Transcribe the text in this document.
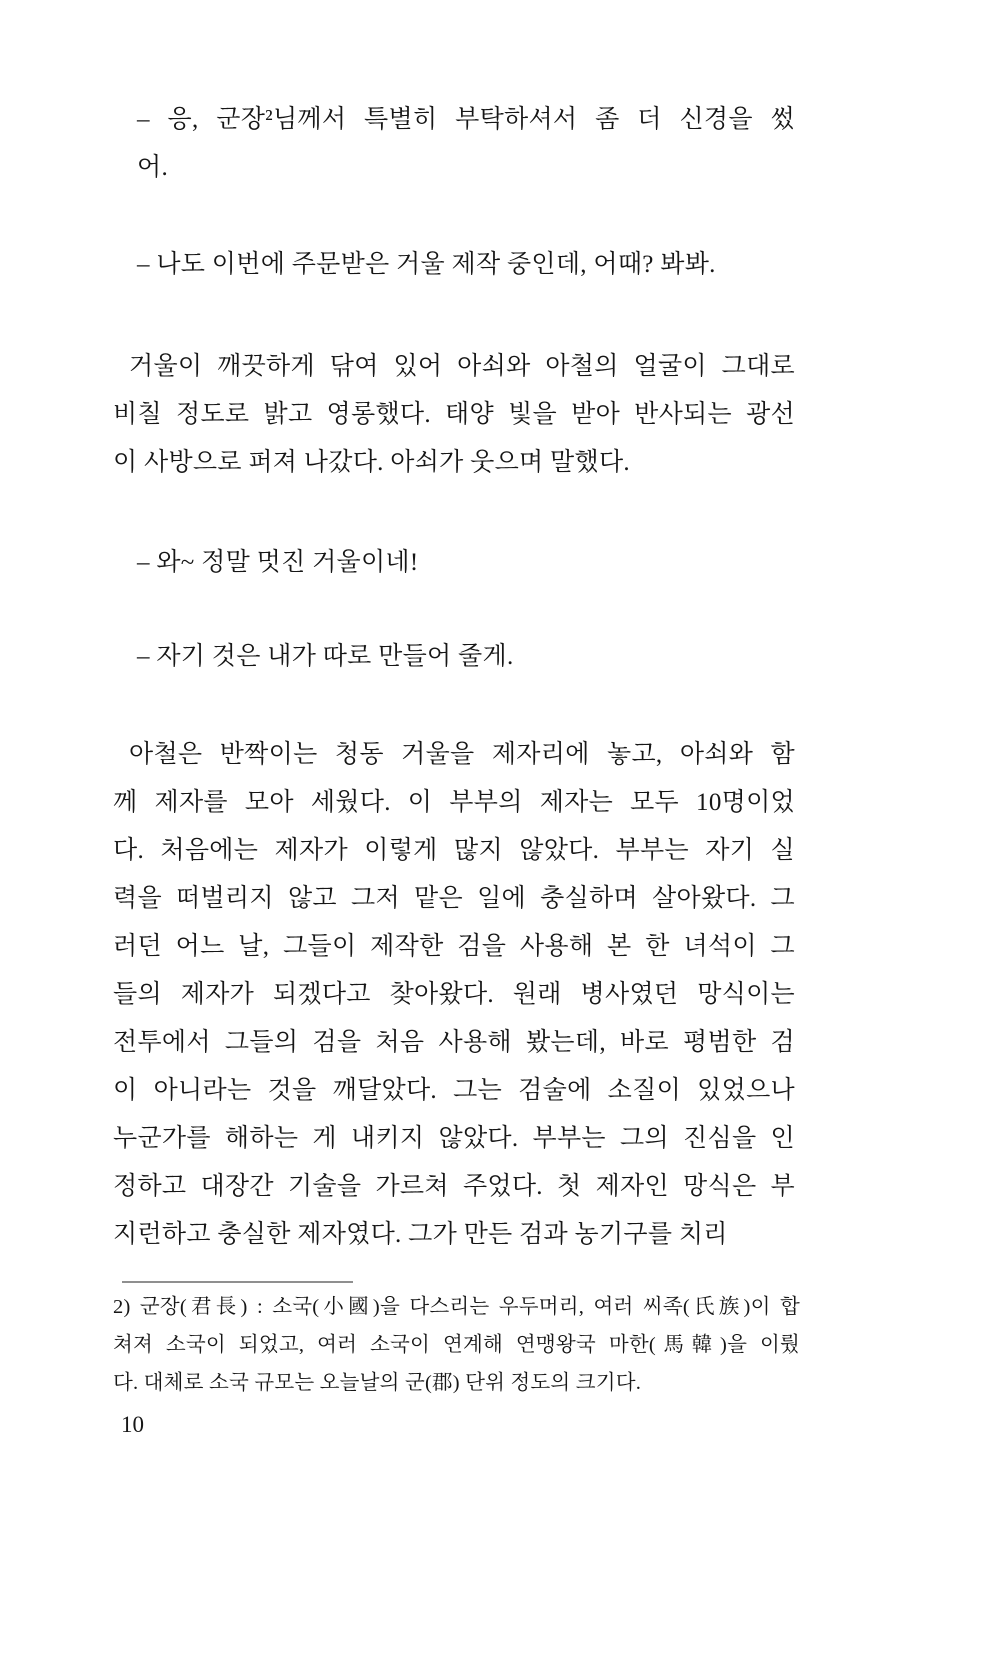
– 응, 군장²님께서 특별히 부탁하셔서 좀 더 신경을 썼
어.
– 나도 이번에 주문받은 거울 제작 중인데, 어때? 봐봐.
거울이 깨끗하게 닦여 있어 아쇠와 아철의 얼굴이 그대로
비칠 정도로 밝고 영롱했다. 태양 빛을 받아 반사되는 광선
이 사방으로 퍼져 나갔다. 아쇠가 웃으며 말했다.
– 와~ 정말 멋진 거울이네!
– 자기 것은 내가 따로 만들어 줄게.
아철은 반짝이는 청동 거울을 제자리에 놓고, 아쇠와 함
께 제자를 모아 세웠다. 이 부부의 제자는 모두 10명이었
다. 처음에는 제자가 이렇게 많지 않았다. 부부는 자기 실
력을 떠벌리지 않고 그저 맡은 일에 충실하며 살아왔다. 그
러던 어느 날, 그들이 제작한 검을 사용해 본 한 녀석이 그
들의 제자가 되겠다고 찾아왔다. 원래 병사였던 망식이는
전투에서 그들의 검을 처음 사용해 봤는데, 바로 평범한 검
이 아니라는 것을 깨달았다. 그는 검술에 소질이 있었으나
누군가를 해하는 게 내키지 않았다. 부부는 그의 진심을 인
정하고 대장간 기술을 가르쳐 주었다. 첫 제자인 망식은 부
지런하고 충실한 제자였다. 그가 만든 검과 농기구를 치리
2) 군장(君長) : 소국(小國)을 다스리는 우두머리, 여러 씨족(氏族)이 합
쳐져 소국이 되었고, 여러 소국이 연계해 연맹왕국 마한(馬韓)을 이뤘
다. 대체로 소국 규모는 오늘날의 군(郡) 단위 정도의 크기다.
10
